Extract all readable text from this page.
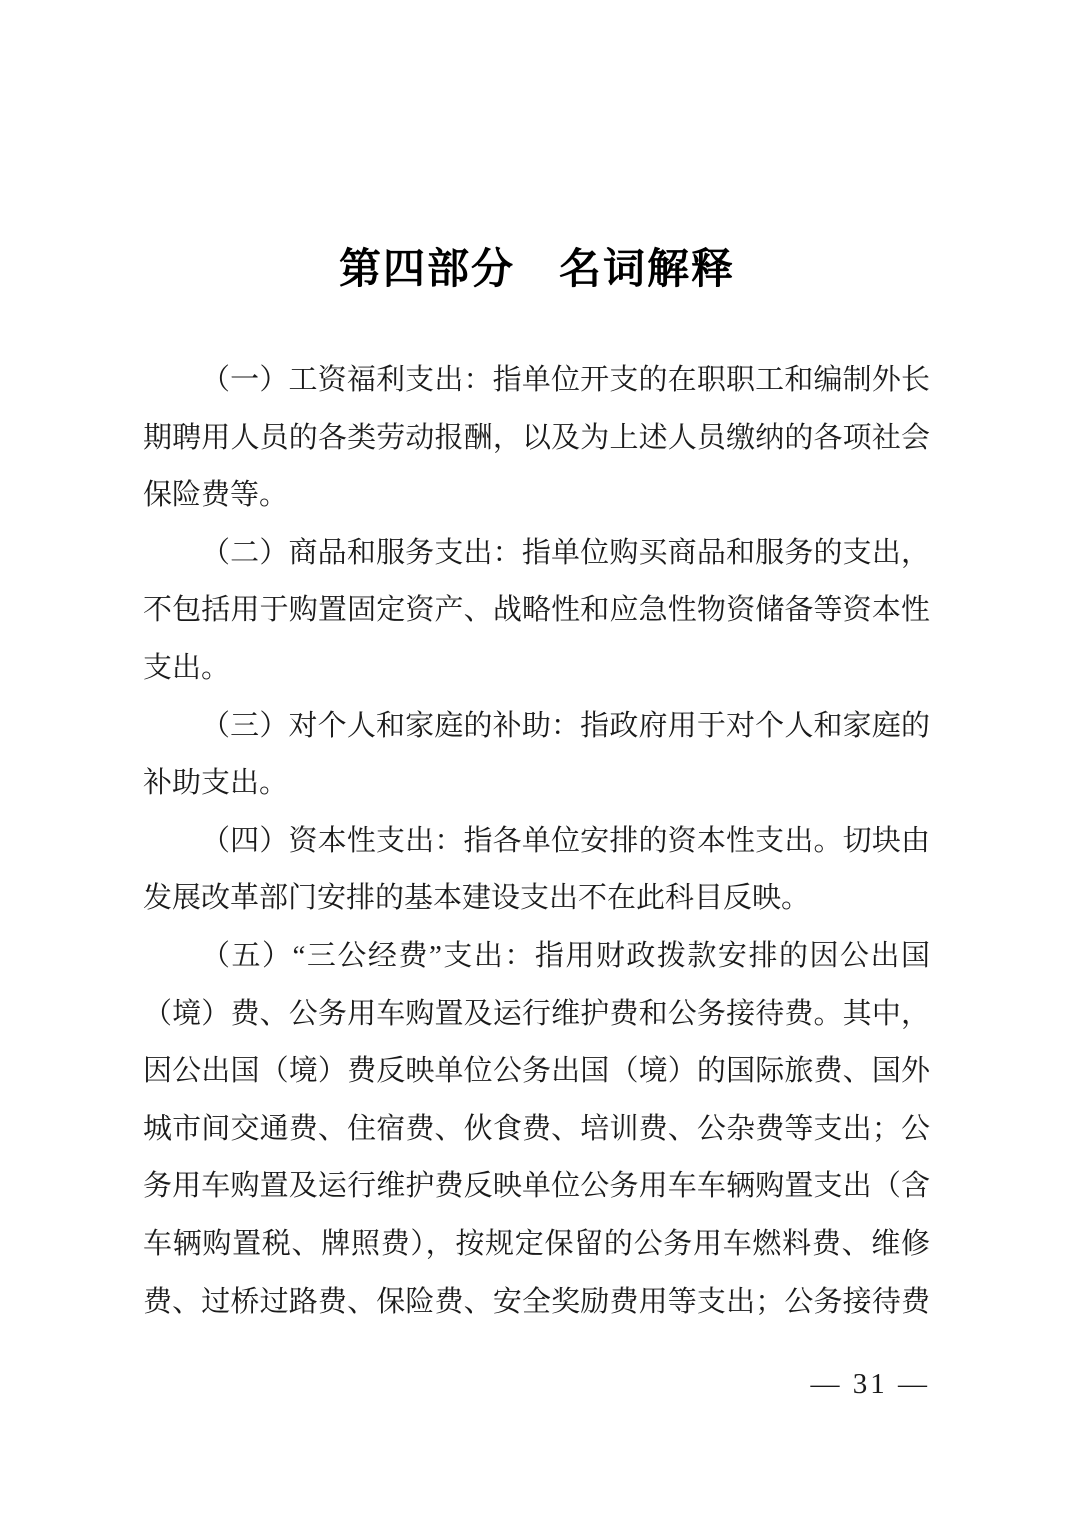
第四部分　名词解释
（一）工资福利支出：指单位开支的在职职工和编制外长
期聘用人员的各类劳动报酬，以及为上述人员缴纳的各项社会
保险费等。
（二）商品和服务支出：指单位购买商品和服务的支出，
不包括用于购置固定资产、战略性和应急性物资储备等资本性
支出。
（三）对个人和家庭的补助：指政府用于对个人和家庭的
补助支出。
（四）资本性支出：指各单位安排的资本性支出。切块由
发展改革部门安排的基本建设支出不在此科目反映。
（五）“三公经费”支出：指用财政拨款安排的因公出国
（境）费、公务用车购置及运行维护费和公务接待费。其中，
因公出国（境）费反映单位公务出国（境）的国际旅费、国外
城市间交通费、住宿费、伙食费、培训费、公杂费等支出；公
务用车购置及运行维护费反映单位公务用车车辆购置支出（含
车辆购置税、牌照费），按规定保留的公务用车燃料费、维修
费、过桥过路费、保险费、安全奖励费用等支出；公务接待费
— 31 —
